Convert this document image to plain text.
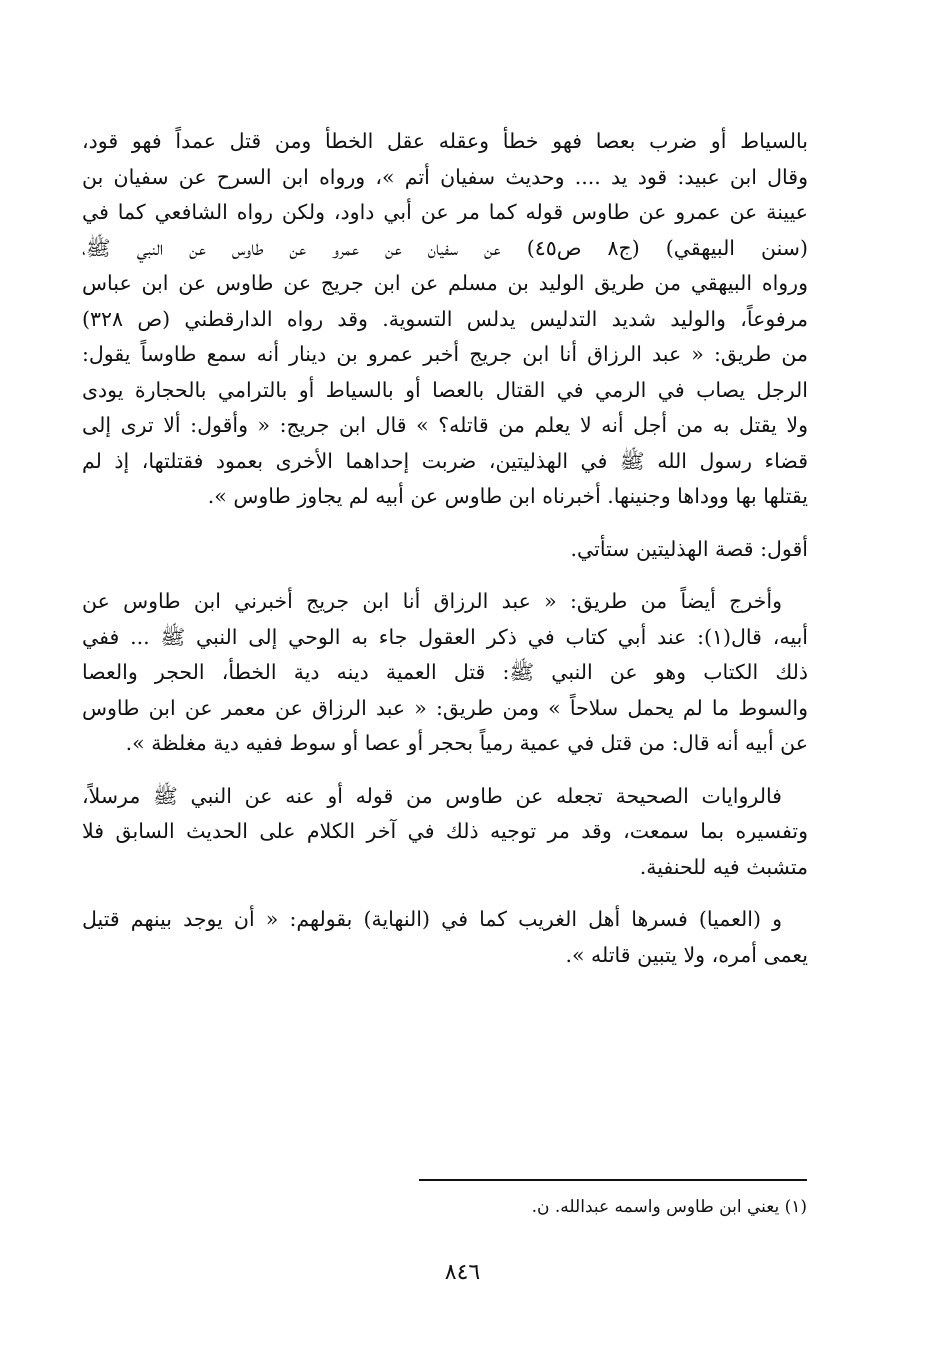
بالسياط أو ضرب بعصا فهو خطأ وعقله عقل الخطأ ومن قتل عمداً فهو قود،
وقال ابن عبيد: قود يد .... وحديث سفيان أتم »، ورواه ابن السرح عن سفيان بن
عيينة عن عمرو عن طاوس قوله كما مر عن أبي داود، ولكن رواه الشافعي كما في
(سنن البيهقي) (ج٨ ص٤٥) عن سفيان عن عمرو عن طاوس عن النبي ﷺ،
ورواه البيهقي من طريق الوليد بن مسلم عن ابن جريج عن طاوس عن ابن عباس
مرفوعاً، والوليد شديد التدليس يدلس التسوية. وقد رواه الدارقطني (ص ٣٢٨)
من طريق: « عبد الرزاق أنا ابن جريج أخبر عمرو بن دينار أنه سمع طاوساً يقول:
الرجل يصاب في الرمي في القتال بالعصا أو بالسياط أو بالترامي بالحجارة يودى
ولا يقتل به من أجل أنه لا يعلم من قاتله؟ » قال ابن جريج: « وأقول: ألا ترى إلى
قضاء رسول الله ﷺ في الهذليتين، ضربت إحداهما الأخرى بعمود فقتلتها، إذ لم
يقتلها بها ووداها وجنينها. أخبرناه ابن طاوس عن أبيه لم يجاوز طاوس ».

أقول: قصة الهذليتين ستأتي.

وأخرج أيضاً من طريق: « عبد الرزاق أنا ابن جريج أخبرني ابن طاوس عن
أبيه، قال(١): عند أبي كتاب في ذكر العقول جاء به الوحي إلى النبي ﷺ ... ففي
ذلك الكتاب وهو عن النبي ﷺ: قتل العمية دينه دية الخطأ، الحجر والعصا
والسوط ما لم يحمل سلاحاً » ومن طريق: « عبد الرزاق عن معمر عن ابن طاوس
عن أبيه أنه قال: من قتل في عمية رمياً بحجر أو عصا أو سوط ففيه دية مغلظة ».

فالروايات الصحيحة تجعله عن طاوس من قوله أو عنه عن النبي ﷺ مرسلاً،
وتفسيره بما سمعت، وقد مر توجيه ذلك في آخر الكلام على الحديث السابق فلا
متشبث فيه للحنفية.

و (العميا) فسرها أهل الغريب كما في (النهاية) بقولهم: « أن يوجد بينهم قتيل
يعمى أمره، ولا يتبين قاتله ».

(١) يعني ابن طاوس واسمه عبدالله. ن.
٨٤٦
